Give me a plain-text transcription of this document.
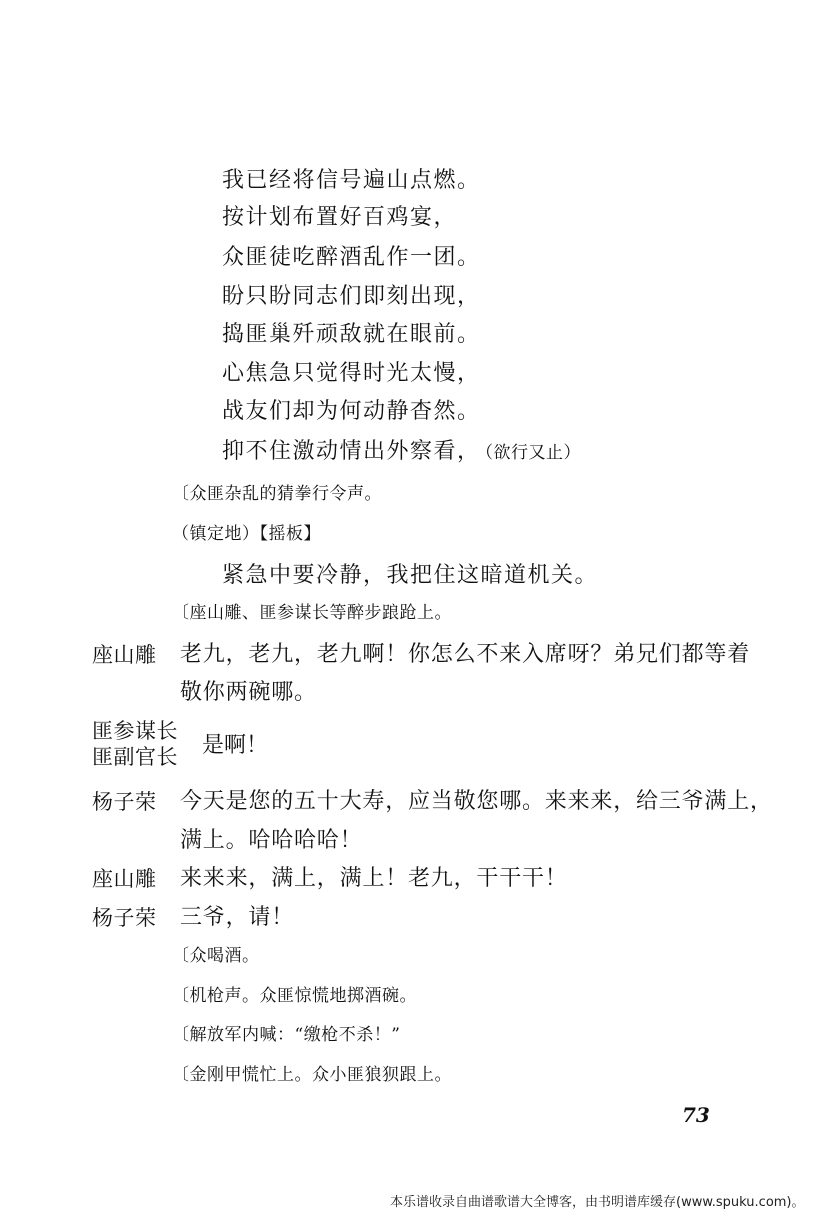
我已经将信号遍山点燃。

按计划布置好百鸡宴，

众匪徒吃醉酒乱作一团。

盼只盼同志们即刻出现，

捣匪巢歼顽敌就在眼前。

心焦急只觉得时光太慢，

战友们却为何动静杳然。

抑不住激动情出外察看， （欲行又止）

〔众匪杂乱的猜拳行令声。

（镇定地）【摇板】

紧急中要冷静，我把住这暗道机关。

〔座山雕、匪参谋长等醉步踉跄上。

座山雕 老九，老九，老九啊！你怎么不来入席呀？弟兄们都等着

敬你两碗哪。

匪参谋长
匪副官长 是啊！

杨子荣 今天是您的五十大寿，应当敬您哪。来来来，给三爷满上，

满上。哈哈哈哈！

座山雕 来来来，满上，满上！老九，干干干！

杨子荣 三爷，请！

〔众喝酒。

〔机枪声。众匪惊慌地掷酒碗。

〔解放军内喊：“缴枪不杀！”

〔金刚甲慌忙上。众小匪狼狈跟上。

73

本乐谱收录自曲谱歌谱大全博客，由书明谱库缓存(www.spuku.com)。
